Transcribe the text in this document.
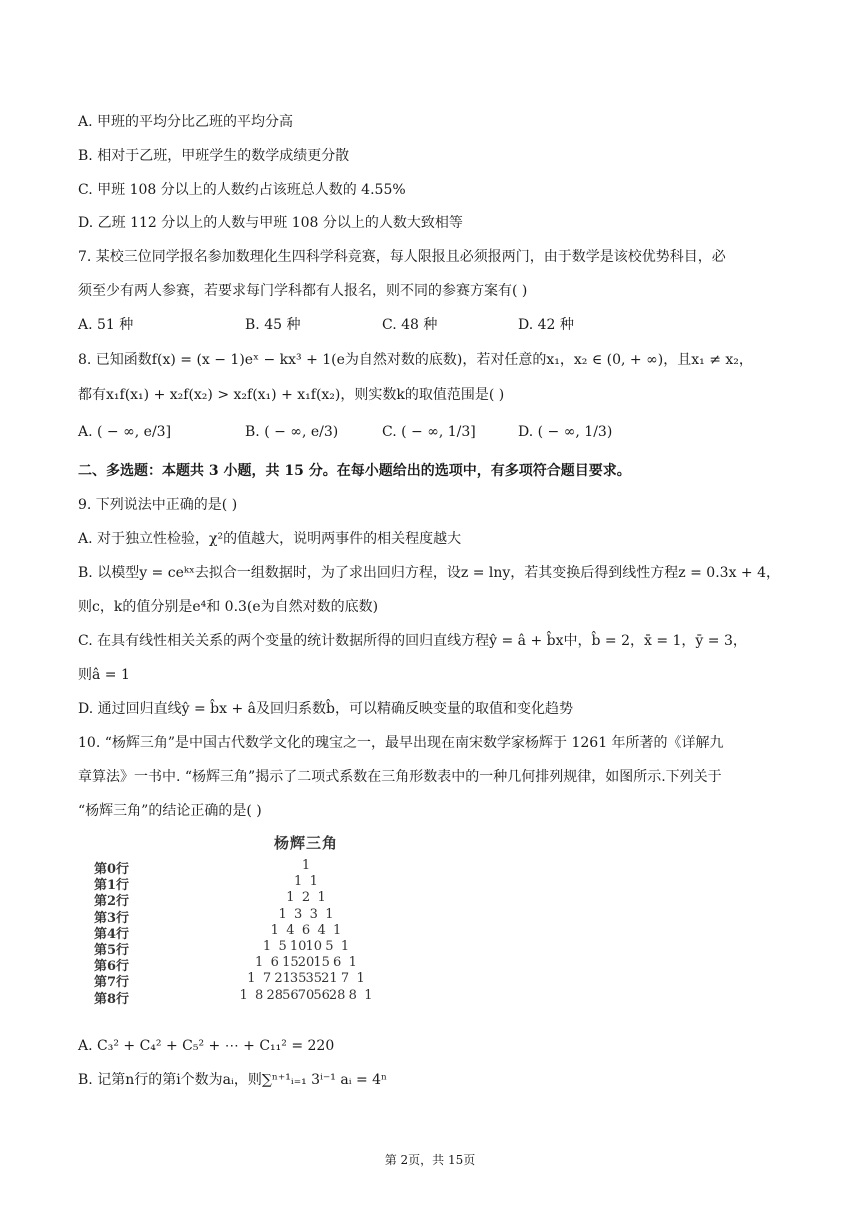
A. 甲班的平均分比乙班的平均分高
B. 相对于乙班，甲班学生的数学成绩更分散
C. 甲班 108 分以上的人数约占该班总人数的 4.55%
D. 乙班 112 分以上的人数与甲班 108 分以上的人数大致相等
7. 某校三位同学报名参加数理化生四科学科竞赛，每人限报且必须报两门，由于数学是该校优势科目，必
须至少有两人参赛，若要求每门学科都有人报名，则不同的参赛方案有( )
A. 51 种	B. 45 种	C. 48 种	D. 42 种
8. 已知函数f(x) = (x − 1)eˣ − kx³ + 1(e为自然对数的底数)，若对任意的x₁，x₂ ∈ (0, + ∞)，且x₁ ≠ x₂，
都有x₁f(x₁) + x₂f(x₂) > x₂f(x₁) + x₁f(x₂)，则实数k的取值范围是( )
A. ( − ∞, e/3]	B. ( − ∞, e/3)	C. ( − ∞, 1/3]	D. ( − ∞, 1/3)
二、多选题：本题共 3 小题，共 15 分。在每小题给出的选项中，有多项符合题目要求。
9. 下列说法中正确的是( )
A. 对于独立性检验，χ²的值越大，说明两事件的相关程度越大
B. 以模型y = ceᵏˣ去拟合一组数据时，为了求出回归方程，设z = lny，若其变换后得到线性方程z = 0.3x + 4，
则c，k的值分别是e⁴和 0.3(e为自然对数的底数)
C. 在具有线性相关关系的两个变量的统计数据所得的回归直线方程ŷ = â + b̂x中，b̂ = 2，x̄ = 1，ȳ = 3，
则â = 1
D. 通过回归直线ŷ = b̂x + â及回归系数b̂，可以精确反映变量的取值和变化趋势
10. “杨辉三角”是中国古代数学文化的瑰宝之一，最早出现在南宋数学家杨辉于 1261 年所著的《详解九
章算法》一书中. “杨辉三角”揭示了二项式系数在三角形数表中的一种几何排列规律，如图所示.下列关于
“杨辉三角”的结论正确的是( )
杨辉三角
第0行	1
第1行	1 1
第2行	1 2 1
第3行	1 3 3 1
第4行	1 4 6 4 1
第5行	1 5 10 10 5 1
第6行	1 6 15 20 15 6 1
第7行	1 7 21 35 35 21 7 1
第8行	1 8 28 56 70 56 28 8 1
A. C₃² + C₄² + C₅² + ⋯ + C₁₁² = 220
B. 记第n行的第i个数为aᵢ，则∑ⁿ⁺¹ᵢ₌₁ 3ⁱ⁻¹ aᵢ = 4ⁿ
第 2页，共 15页
